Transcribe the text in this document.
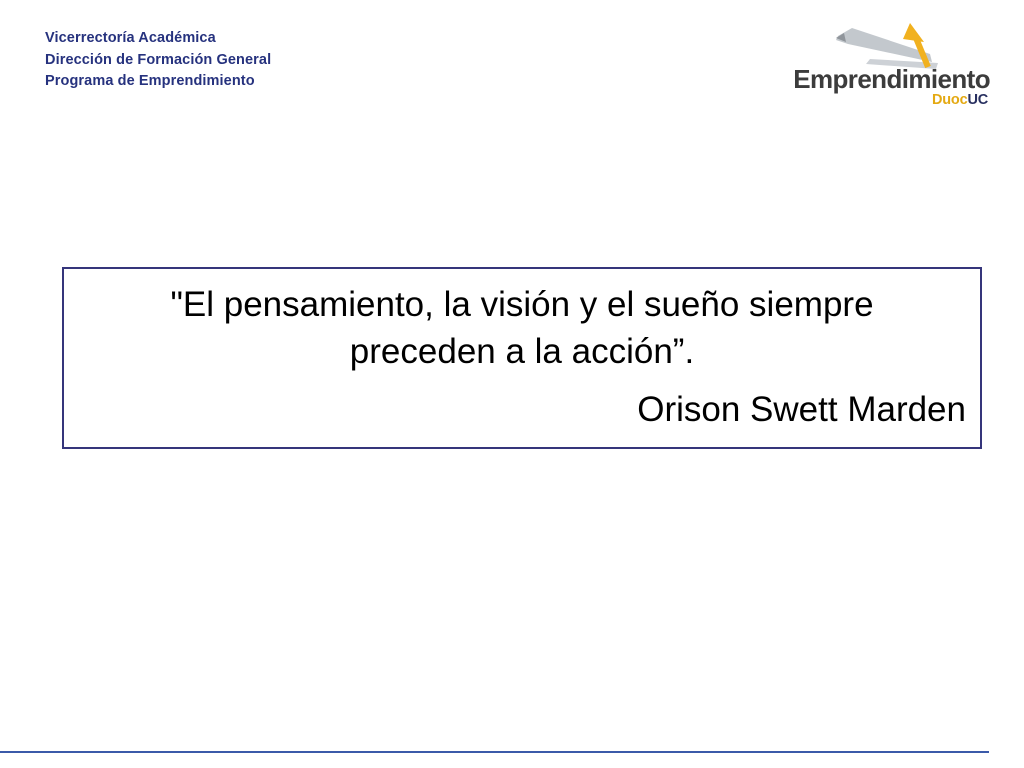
Vicerrectoría Académica
Dirección de Formación General
Programa de Emprendimiento	Emprendimiento
DuocUC
"El pensamiento, la visión y el sueño siempre
preceden a la acción”.
Orison Swett Marden
